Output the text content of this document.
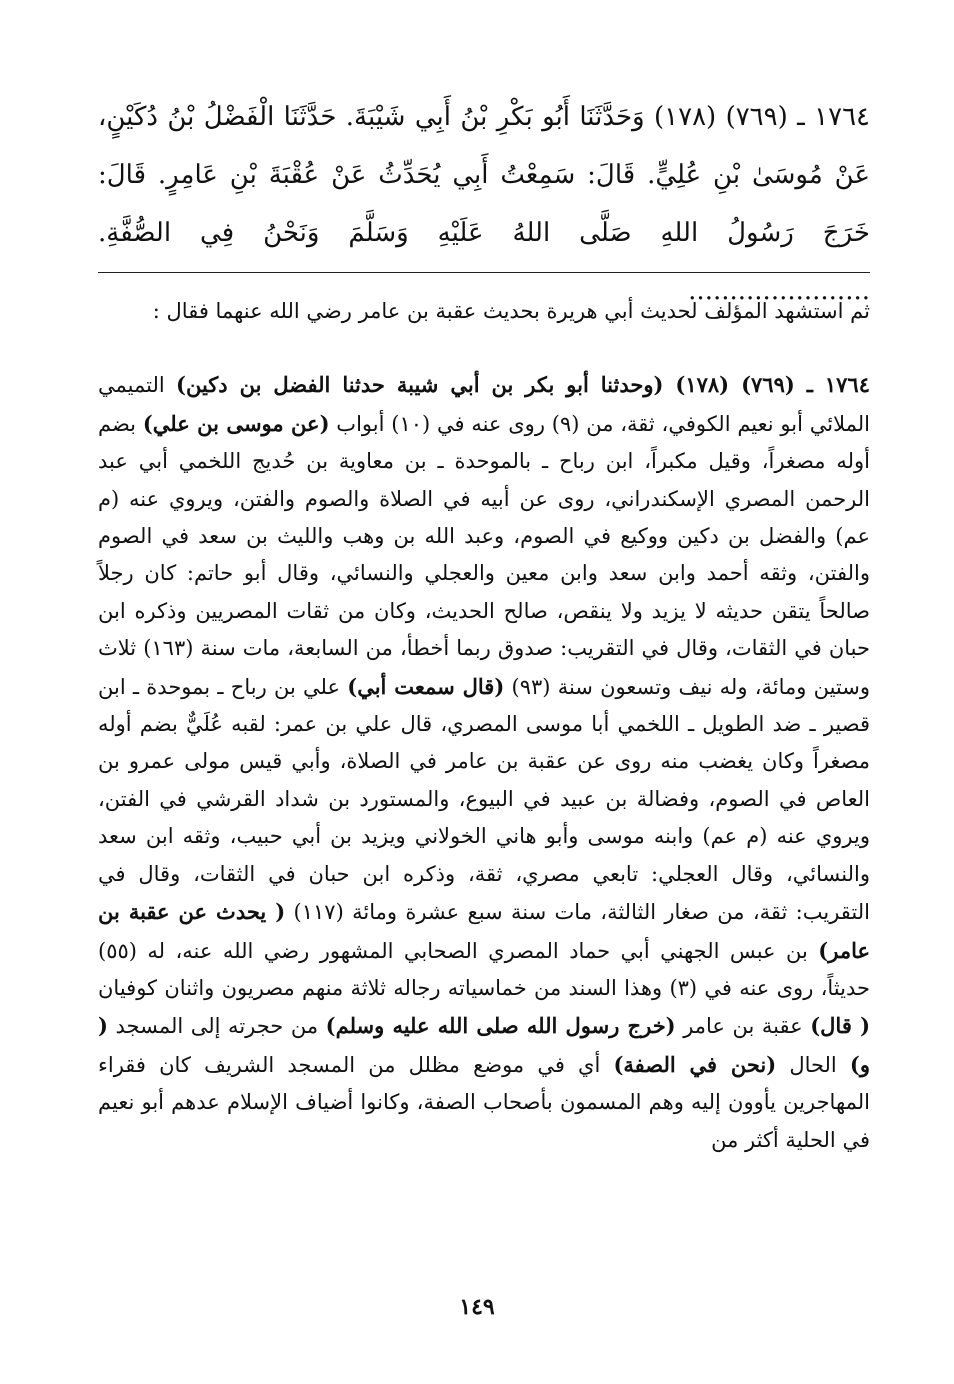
١٧٦٤ ـ (٧٦٩) (١٧٨) وَحَدَّثَنَا أَبُو بَكْرِ بْنُ أَبِي شَيْبَةَ. حَدَّثَنَا الْفَضْلُ بْنُ دُكَيْنٍ، عَنْ مُوسَىٰ بْنِ عُلِيٍّ. قَالَ: سَمِعْتُ أَبِي يُحَدِّثُ عَنْ عُقْبَةَ بْنِ عَامِرٍ. قَالَ: خَرَجَ رَسُولُ اللهِ صَلَّى اللهُ عَلَيْهِ وَسَلَّمَ وَنَحْنُ فِي الصُّفَّةِ. ......................

ثم استشهد المؤلف لحديث أبي هريرة بحديث عقبة بن عامر رضي الله عنهما فقال :

١٧٦٤ ـ (٧٦٩) (١٧٨) (وحدثنا أبو بكر بن أبي شيبة حدثنا الفضل بن دكين) التميمي الملائي أبو نعيم الكوفي، ثقة، من (٩) روى عنه في (١٠) أبواب (عن موسى بن علي) بضم أوله مصغراً، وقيل مكبراً، ابن رباح ـ بالموحدة ـ بن معاوية بن حُديج اللخمي أبي عبد الرحمن المصري الإسكندراني، روى عن أبيه في الصلاة والصوم والفتن، ويروي عنه (م عم) والفضل بن دكين ووكيع في الصوم، وعبد الله بن وهب والليث بن سعد في الصوم والفتن، وثقه أحمد وابن سعد وابن معين والعجلي والنسائي، وقال أبو حاتم: كان رجلاً صالحاً يتقن حديثه لا يزيد ولا ينقص، صالح الحديث، وكان من ثقات المصريين وذكره ابن حبان في الثقات، وقال في التقريب: صدوق ربما أخطأ، من السابعة، مات سنة (١٦٣) ثلاث وستين ومائة، وله نيف وتسعون سنة (٩٣) (قال سمعت أبي) علي بن رباح ـ بموحدة ـ ابن قصير ـ ضد الطويل ـ اللخمي أبا موسى المصري، قال علي بن عمر: لقبه عُلَيٌّ بضم أوله مصغراً وكان يغضب منه روى عن عقبة بن عامر في الصلاة، وأبي قيس مولى عمرو بن العاص في الصوم، وفضالة بن عبيد في البيوع، والمستورد بن شداد القرشي في الفتن، ويروي عنه (م عم) وابنه موسى وأبو هاني الخولاني ويزيد بن أبي حبيب، وثقه ابن سعد والنسائي، وقال العجلي: تابعي مصري، ثقة، وذكره ابن حبان في الثقات، وقال في التقريب: ثقة، من صغار الثالثة، مات سنة سبع عشرة ومائة (١١٧) ( يحدث عن عقبة بن عامر) بن عبس الجهني أبي حماد المصري الصحابي المشهور رضي الله عنه، له (٥٥) حديثاً، روى عنه في (٣) وهذا السند من خماسياته رجاله ثلاثة منهم مصريون واثنان كوفيان ( قال) عقبة بن عامر (خرج رسول الله صلى الله عليه وسلم) من حجرته إلى المسجد ( و) الحال (نحن في الصفة) أي في موضع مظلل من المسجد الشريف كان فقراء المهاجرين يأوون إليه وهم المسمون بأصحاب الصفة، وكانوا أضياف الإسلام عدهم أبو نعيم في الحلية أكثر من

١٤٩
